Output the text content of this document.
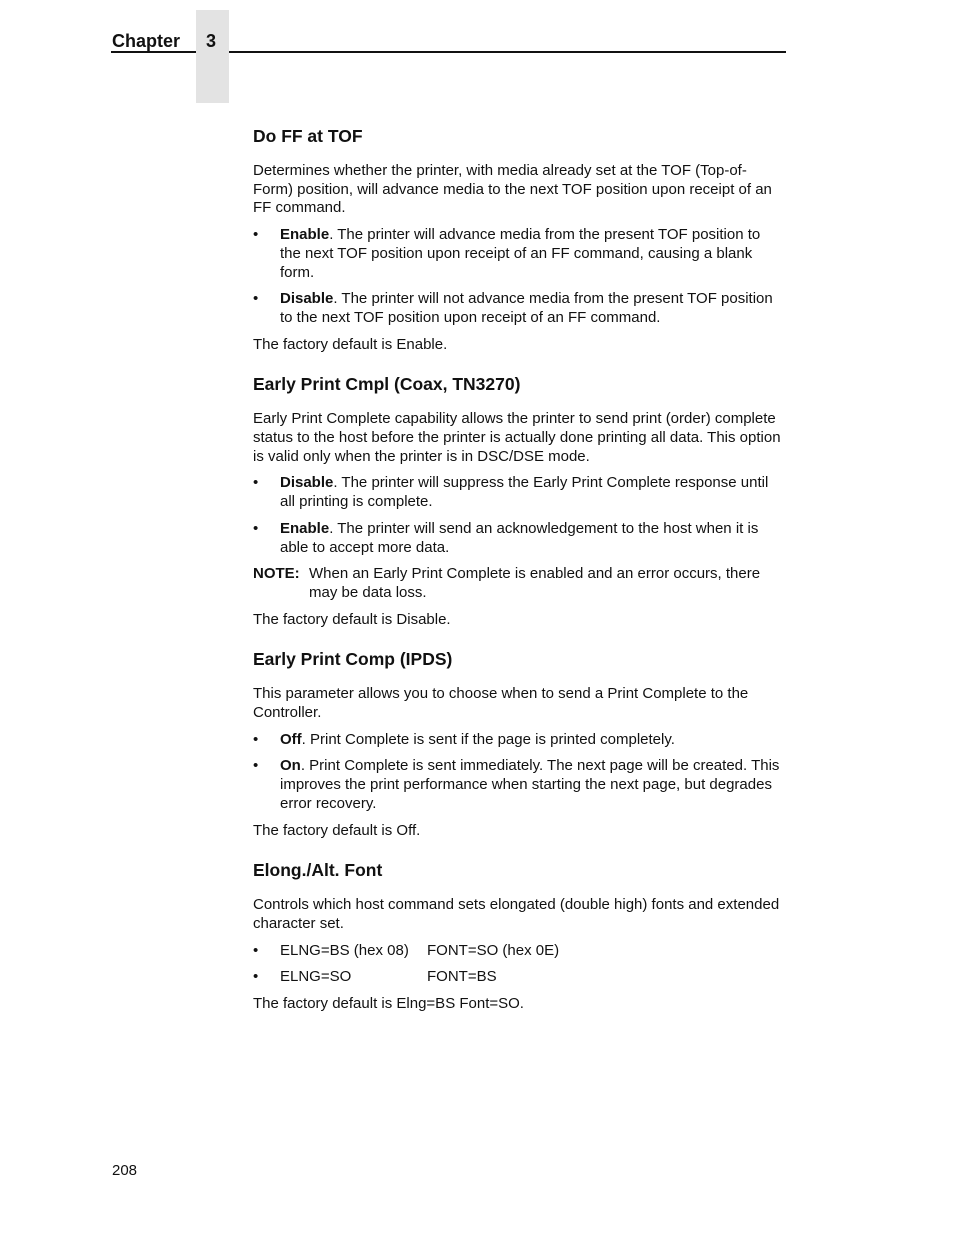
Chapter 3
Do FF at TOF

Determines whether the printer, with media already set at the TOF (Top-of-Form) position, will advance media to the next TOF position upon receipt of an FF command.

• Enable. The printer will advance media from the present TOF position to the next TOF position upon receipt of an FF command, causing a blank form.
• Disable. The printer will not advance media from the present TOF position to the next TOF position upon receipt of an FF command.

The factory default is Enable.

Early Print Cmpl (Coax, TN3270)

Early Print Complete capability allows the printer to send print (order) complete status to the host before the printer is actually done printing all data. This option is valid only when the printer is in DSC/DSE mode.

• Disable. The printer will suppress the Early Print Complete response until all printing is complete.
• Enable. The printer will send an acknowledgement to the host when it is able to accept more data.
NOTE: When an Early Print Complete is enabled and an error occurs, there may be data loss.

The factory default is Disable.

Early Print Comp (IPDS)

This parameter allows you to choose when to send a Print Complete to the Controller.

• Off. Print Complete is sent if the page is printed completely.
• On. Print Complete is sent immediately. The next page will be created. This improves the print performance when starting the next page, but degrades error recovery.

The factory default is Off.

Elong./Alt. Font

Controls which host command sets elongated (double high) fonts and extended character set.

• ELNG=BS (hex 08) FONT=SO (hex 0E)
• ELNG=SO	FONT=BS

The factory default is Elng=BS Font=SO.

208
